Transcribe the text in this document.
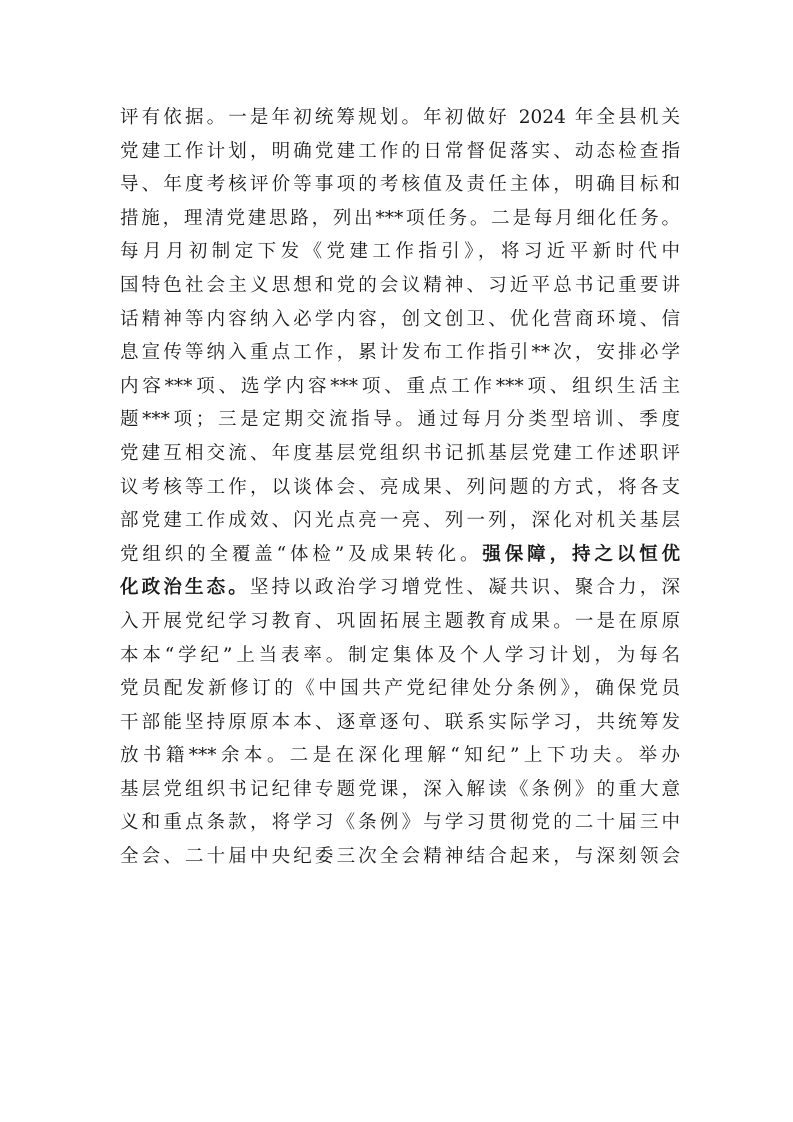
评有依据。一是年初统筹规划。年初做好 2024 年全县机关
党建工作计划，明确党建工作的日常督促落实、动态检查指
导、年度考核评价等事项的考核值及责任主体，明确目标和
措施，理清党建思路，列出***项任务。二是每月细化任务。
每月月初制定下发《党建工作指引》，将习近平新时代中
国特色社会主义思想和党的会议精神、习近平总书记重要讲
话精神等内容纳入必学内容，创文创卫、优化营商环境、信
息宣传等纳入重点工作，累计发布工作指引**次，安排必学
内容***项、选学内容***项、重点工作***项、组织生活主
题***项；三是定期交流指导。通过每月分类型培训、季度
党建互相交流、年度基层党组织书记抓基层党建工作述职评
议考核等工作，以谈体会、亮成果、列问题的方式，将各支
部党建工作成效、闪光点亮一亮、列一列，深化对机关基层
党组织的全覆盖“体检”及成果转化。强保障，持之以恒优
化政治生态。坚持以政治学习增党性、凝共识、聚合力，深
入开展党纪学习教育、巩固拓展主题教育成果。一是在原原
本本“学纪”上当表率。制定集体及个人学习计划，为每名
党员配发新修订的《中国共产党纪律处分条例》，确保党员
干部能坚持原原本本、逐章逐句、联系实际学习，共统筹发
放书籍***余本。二是在深化理解“知纪”上下功夫。举办
基层党组织书记纪律专题党课，深入解读《条例》的重大意
义和重点条款，将学习《条例》与学习贯彻党的二十届三中
全会、二十届中央纪委三次全会精神结合起来，与深刻领会
